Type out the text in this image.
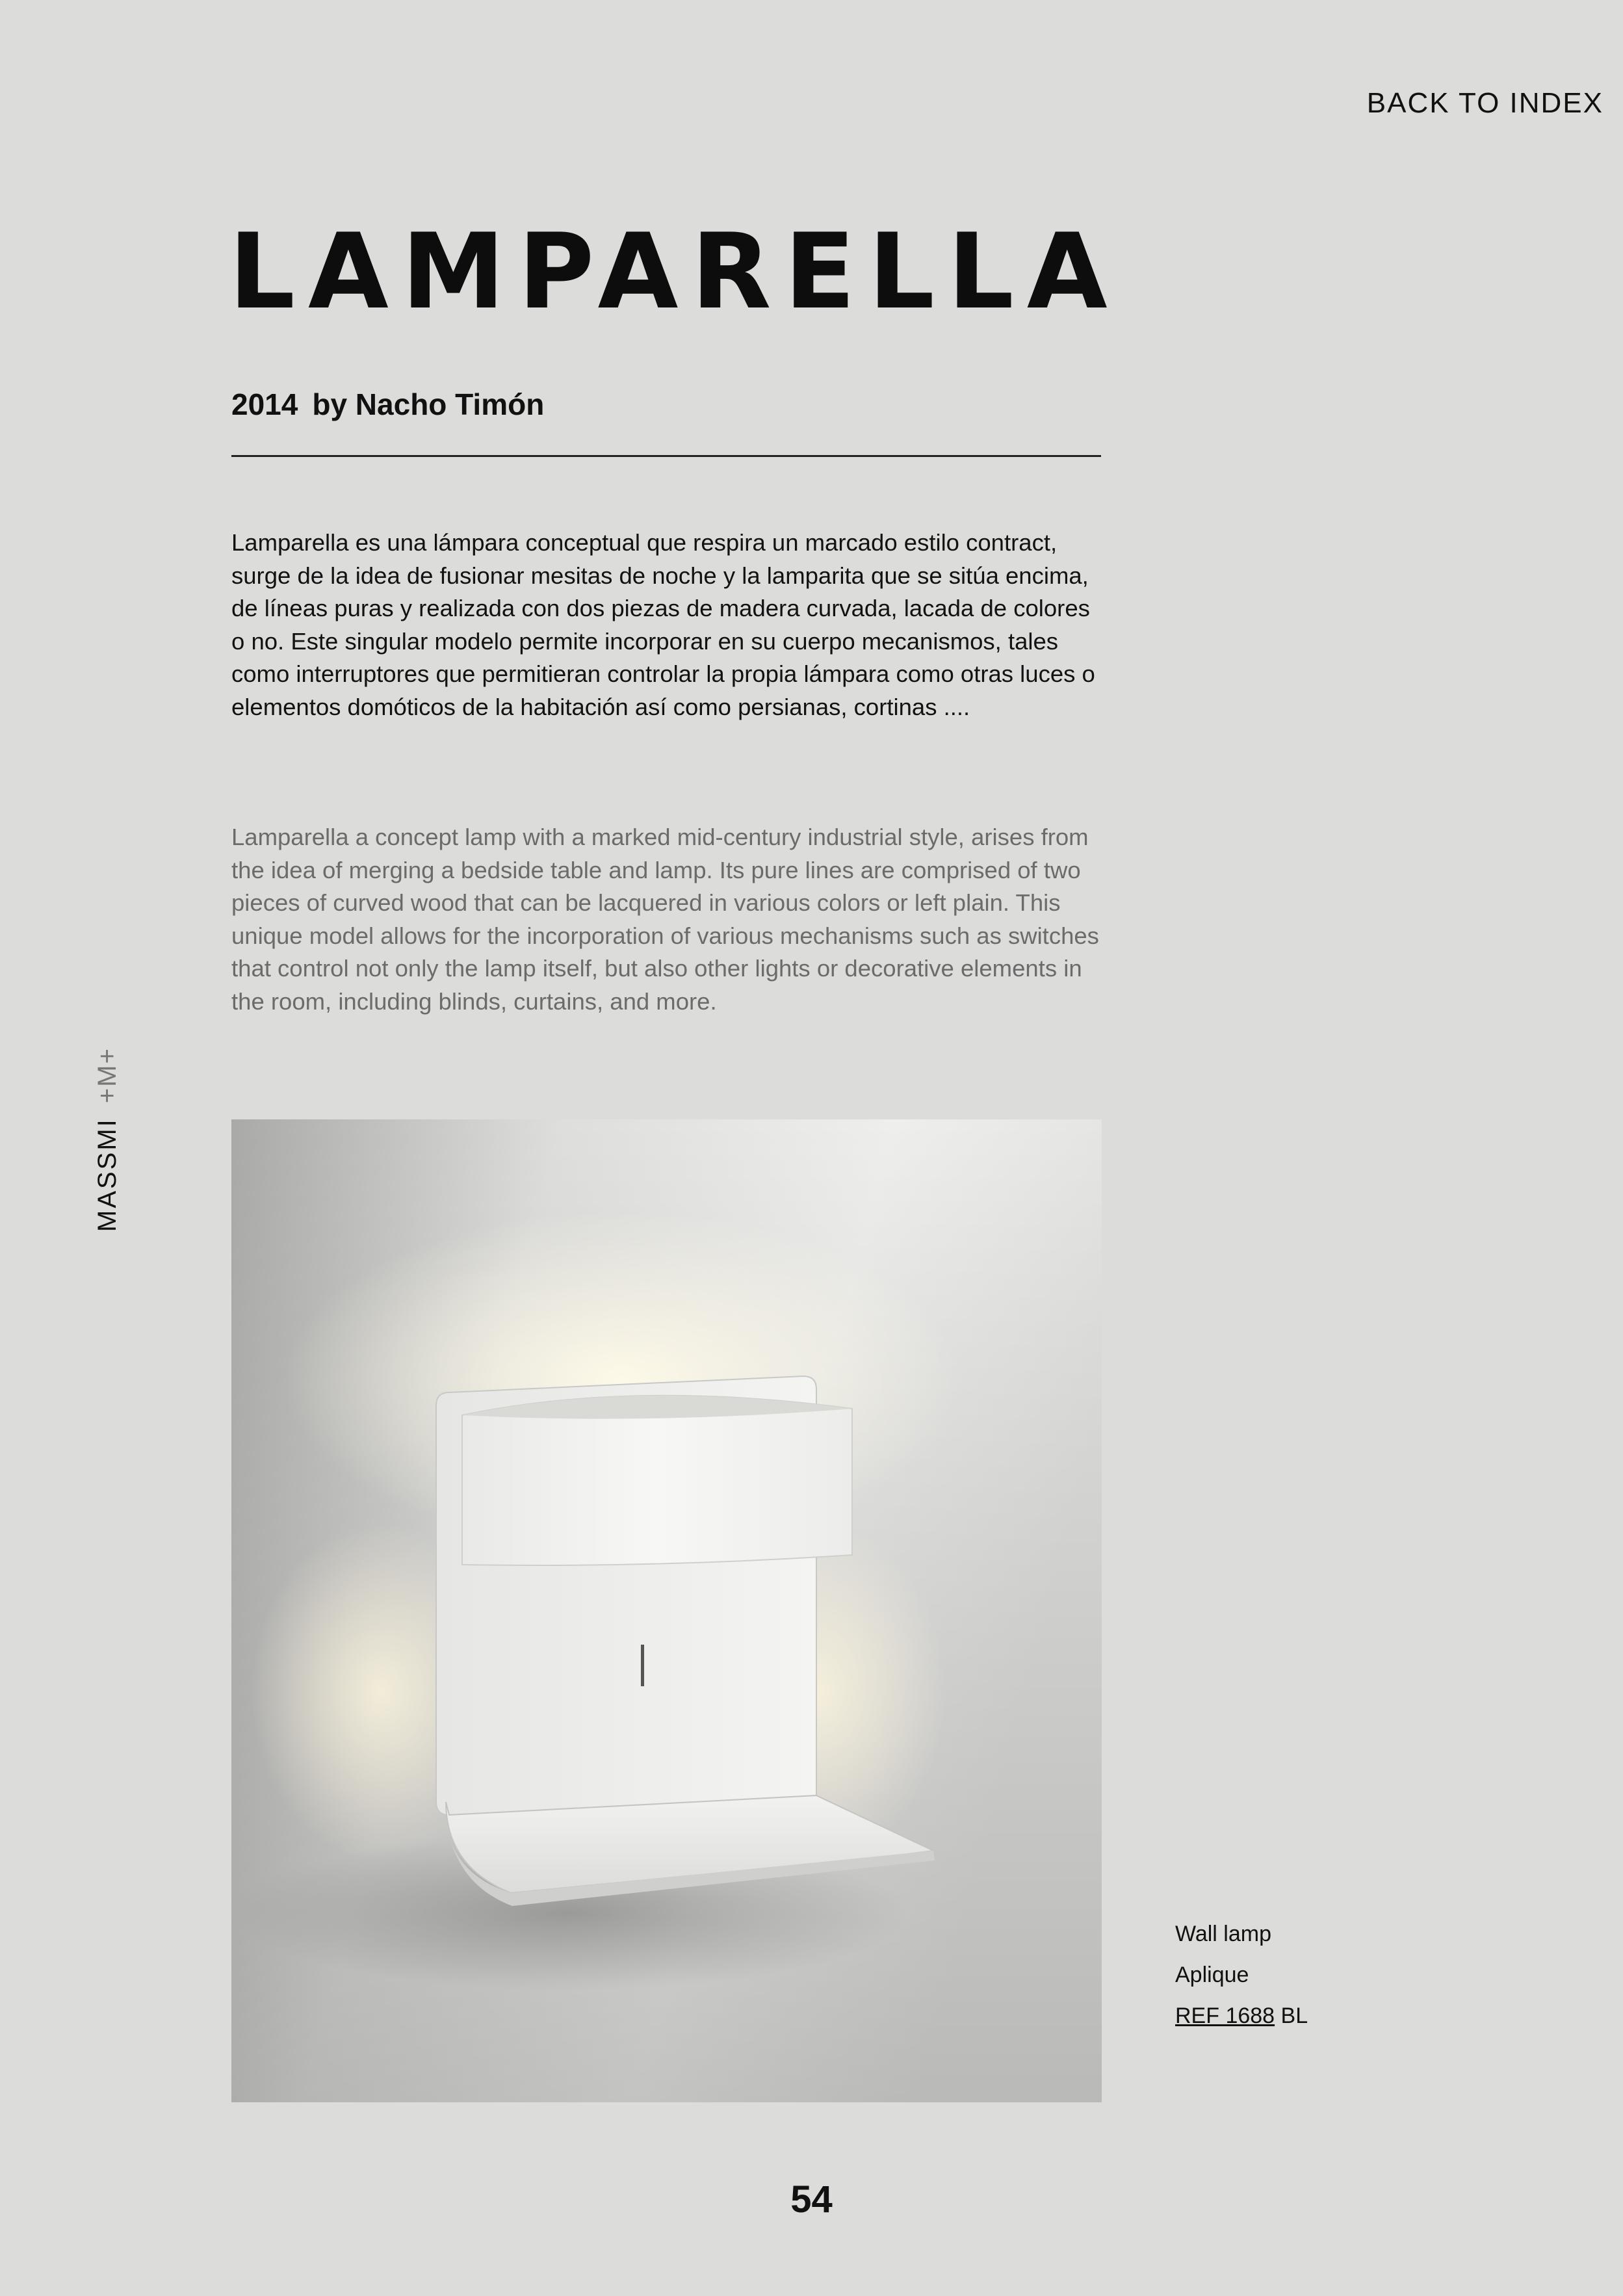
BACK TO INDEX
LAMPARELLA
2014 by Nacho Timón

Lamparella es una lámpara conceptual que respira un marcado estilo contract, surge de la idea de fusionar mesitas de noche y la lamparita que se sitúa encima, de líneas puras y realizada con dos piezas de madera curvada, lacada de colores o no. Este singular modelo permite incorporar en su cuerpo mecanismos, tales como interruptores que permitieran controlar la propia lámpara como otras luces o elementos domóticos de la habitación así como persianas, cortinas ....

Lamparella a concept lamp with a marked mid-century industrial style, arises from the idea of merging a bedside table and lamp. Its pure lines are comprised of two pieces of curved wood that can be lacquered in various colors or left plain. This unique model allows for the incorporation of various mechanisms such as switches that control not only the lamp itself, but also other lights or decorative elements in the room, including blinds, curtains, and more.

MASSMI
+M+
Wall lamp
Aplique
REF 1688 BL
54
